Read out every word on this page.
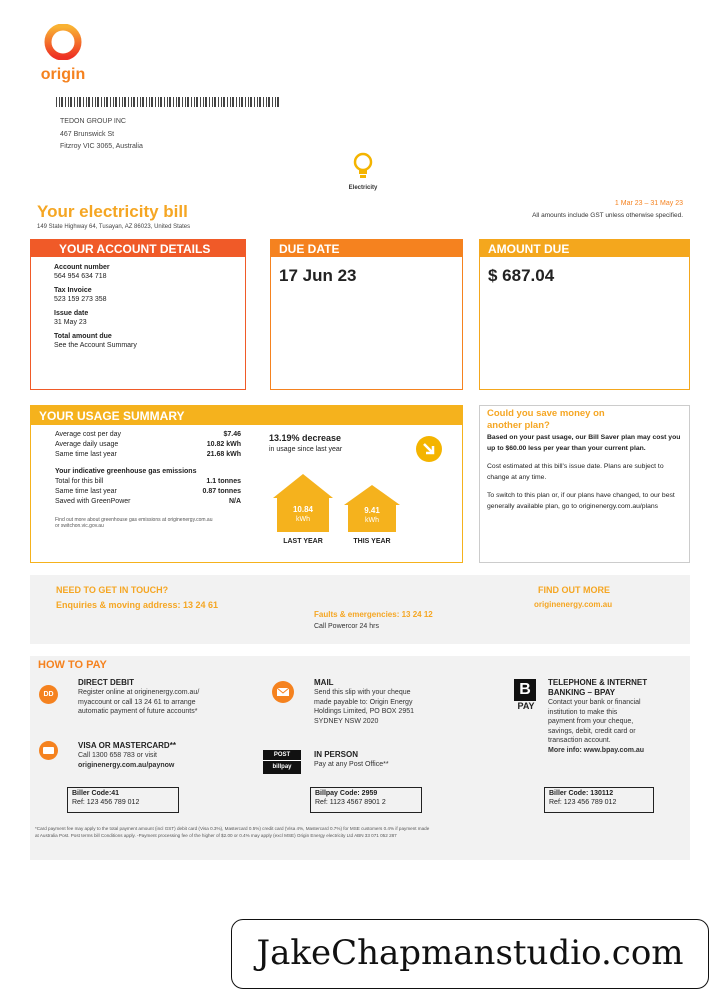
origin
TEDON GROUP INC
467 Brunswick St
Fitzroy VIC 3065, Australia
Electricity
Your electricity bill
149 State Highway 64, Tusayan, AZ 86023, United States
1 Mar 23 – 31 May 23
All amounts include GST unless otherwise specified.
YOUR ACCOUNT DETAILS
Account number
564 954 634 718
Tax Invoice
523 159 273 358
Issue date
31 May 23
Total amount due
See the Account Summary
DUE DATE
17 Jun 23
AMOUNT DUE
$ 687.04
YOUR USAGE SUMMARY
Average cost per day	$7.46
Average daily usage	10.82 kWh
Same time last year	21.68 kWh
Your indicative greenhouse gas emissions
Total for this bill	1.1 tonnes
Same time last year	0.87 tonnes
Saved with GreenPower	N/A
Find out more about greenhouse gas emissions at originenergy.com.au or switchon.vic.gov.au
13.19% decrease
in usage since last year
10.84
kWh
LAST YEAR
9.41
kWh
THIS YEAR
Could you save money on
another plan?
Based on your past usage, our Bill Saver plan may cost you up to $60.00 less per year than your current plan.
Cost estimated at this bill's issue date. Plans are subject to change at any time.
To switch to this plan or, if our plans have changed, to our best generally available plan, go to originenergy.com.au/plans
NEED TO GET IN TOUCH?
Enquiries & moving address: 13 24 61
Faults & emergencies: 13 24 12
Call Powercor 24 hrs
FIND OUT MORE
originenergy.com.au
HOW TO PAY
DD
DIRECT DEBIT
Register online at originenergy.com.au/
myaccount or call 13 24 61 to arrange
automatic payment of future accounts*
VISA OR MASTERCARD**
Call 1300 658 783 or visit
originenergy.com.au/paynow
MAIL
Send this slip with your cheque
made payable to: Origin Energy
Holdings Limited, PO BOX 2951
SYDNEY NSW 2020
POST
billpay
IN PERSON
Pay at any Post Office**
B
PAY
TELEPHONE & INTERNET
BANKING – BPAY
Contact your bank or financial
institution to make this
payment from your cheque,
savings, debit, credit card or
transaction account.
More info: www.bpay.com.au
Biller Code:41
Ref: 123 456 789 012
Billpay Code: 2959
Ref: 1123 4567 8901 2
Biller Code: 130112
Ref: 123 456 789 012
*Card payment fee may apply to the total payment amount (incl GST) debit card (Visa 0.3%), Mastercard 0.5%) credit card (Visa 4%, Mastercard 0.7%) for MSE customers 0.4% if payment made
at Australia Post. Post terms bill Conditions apply. -Payment processing fee of the higher of $2.00 or 0.4% may apply (excl MSE) Origin Energy electricity Ltd ABN 33 071 052 287
JakeChapmanstudio.com
